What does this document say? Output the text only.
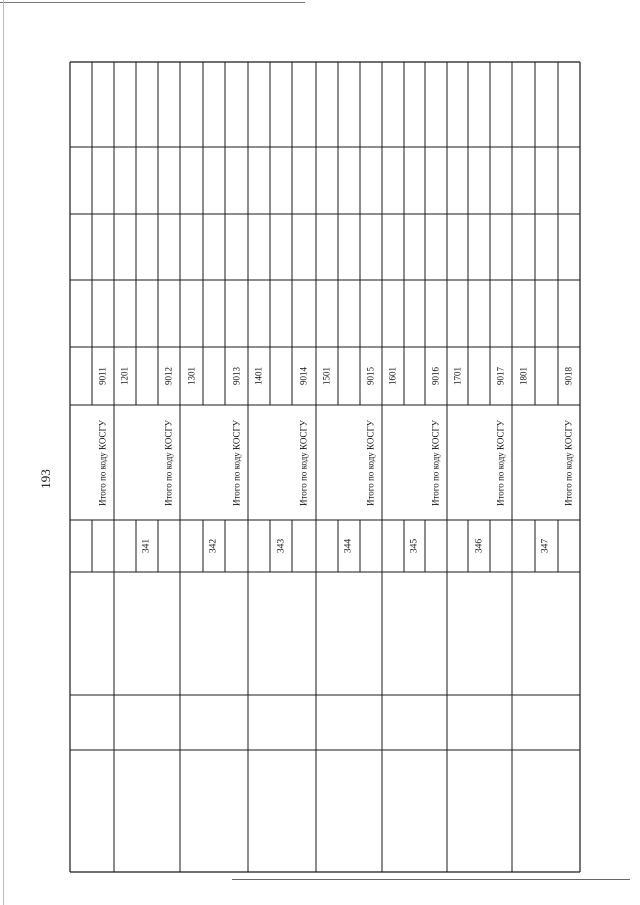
193	Итого по коду КОСГУ
9011 1201
341
Итого по коду КОСГУ
9012 1301
342
Итого по коду КОСГУ
9013 1401
343
Итого по коду КОСГУ
9014 1501
344
Итого по коду КОСГУ
9015 1601
345
Итого по коду КОСГУ
9016 1701
346
Итого по коду КОСГУ
9017 1801
347
Итого по коду КОСГУ
9018
